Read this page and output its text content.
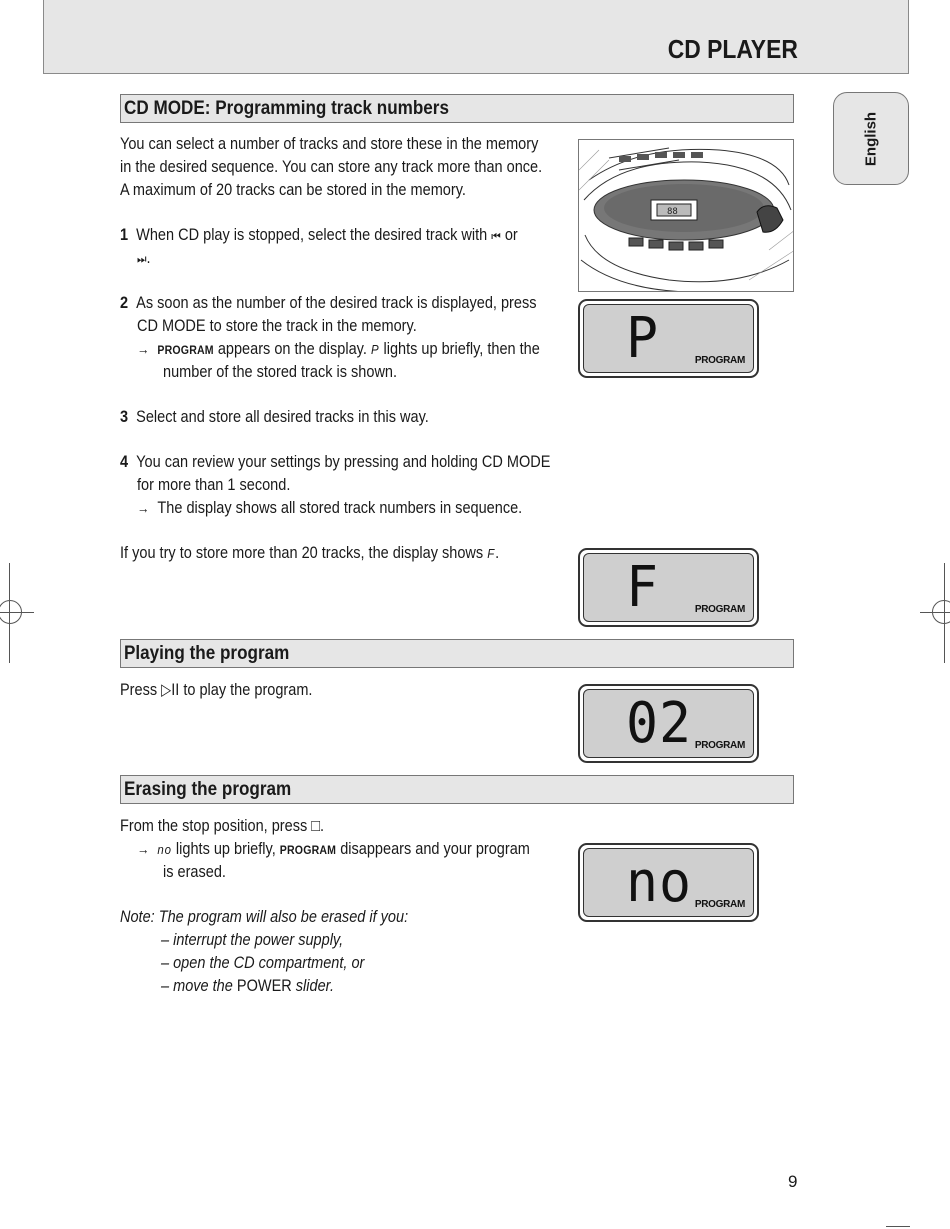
CD PLAYER
English
CD MODE: Programming track numbers
You can select a number of tracks and store these in the memory
in the desired sequence. You can store any track more than once.
A maximum of 20 tracks can be stored in the memory.
1 When CD play is stopped, select the desired track with ⏮ or
⏭.
2 As soon as the number of the desired track is displayed, press
CD MODE to store the track in the memory.
→ PROGRAM appears on the display. P lights up briefly, then the
number of the stored track is shown.
3 Select and store all desired tracks in this way.
4 You can review your settings by pressing and holding CD MODE
for more than 1 second.
→ The display shows all stored track numbers in sequence.
If you try to store more than 20 tracks, the display shows F.
88
P	PROGRAM
F	PROGRAM
Playing the program
Press ▷II to play the program.
02 PROGRAM
Erasing the program
From the stop position, press □.
→ no lights up briefly, PROGRAM disappears and your program
is erased.	no PROGRAM
Note: The program will also be erased if you:
– interrupt the power supply,
– open the CD compartment, or
– move the POWER slider.
9
